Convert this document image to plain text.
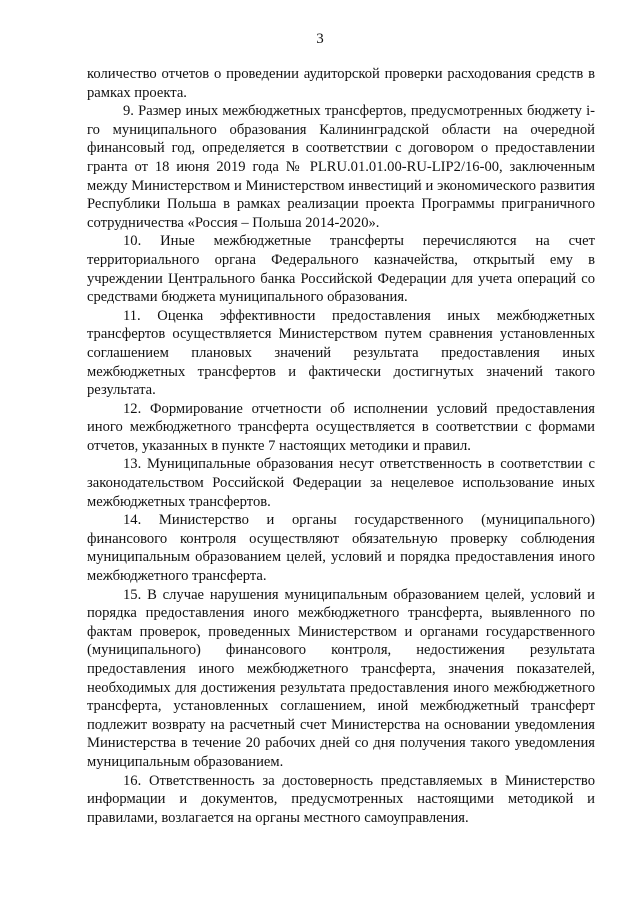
3

количество отчетов о проведении аудиторской проверки расходования средств в рамках проекта.

9. Размер иных межбюджетных трансфертов, предусмотренных бюджету i-го муниципального образования Калининградской области на очередной финансовый год, определяется в соответствии с договором о предоставлении гранта от 18 июня 2019 года № PLRU.01.01.00-RU-LIP2/16-00, заключенным между Министерством и Министерством инвестиций и экономического развития Республики Польша в рамках реализации проекта Программы приграничного сотрудничества «Россия – Польша 2014-2020».

10. Иные межбюджетные трансферты перечисляются на счет территориального органа Федерального казначейства, открытый ему в учреждении Центрального банка Российской Федерации для учета операций со средствами бюджета муниципального образования.

11. Оценка эффективности предоставления иных межбюджетных трансфертов осуществляется Министерством путем сравнения установленных соглашением плановых значений результата предоставления иных межбюджетных трансфертов и фактически достигнутых значений такого результата.

12. Формирование отчетности об исполнении условий предоставления иного межбюджетного трансферта осуществляется в соответствии с формами отчетов, указанных в пункте 7 настоящих методики и правил.

13. Муниципальные образования несут ответственность в соответствии с законодательством Российской Федерации за нецелевое использование иных межбюджетных трансфертов.

14. Министерство и органы государственного (муниципального) финансового контроля осуществляют обязательную проверку соблюдения муниципальным образованием целей, условий и порядка предоставления иного межбюджетного трансферта.

15. В случае нарушения муниципальным образованием целей, условий и порядка предоставления иного межбюджетного трансферта, выявленного по фактам проверок, проведенных Министерством и органами государственного (муниципального) финансового контроля, недостижения результата предоставления иного межбюджетного трансферта, значения показателей, необходимых для достижения результата предоставления иного межбюджетного трансферта, установленных соглашением, иной межбюджетный трансферт подлежит возврату на расчетный счет Министерства на основании уведомления Министерства в течение 20 рабочих дней со дня получения такого уведомления муниципальным образованием.

16. Ответственность за достоверность представляемых в Министерство информации и документов, предусмотренных настоящими методикой и правилами, возлагается на органы местного самоуправления.
